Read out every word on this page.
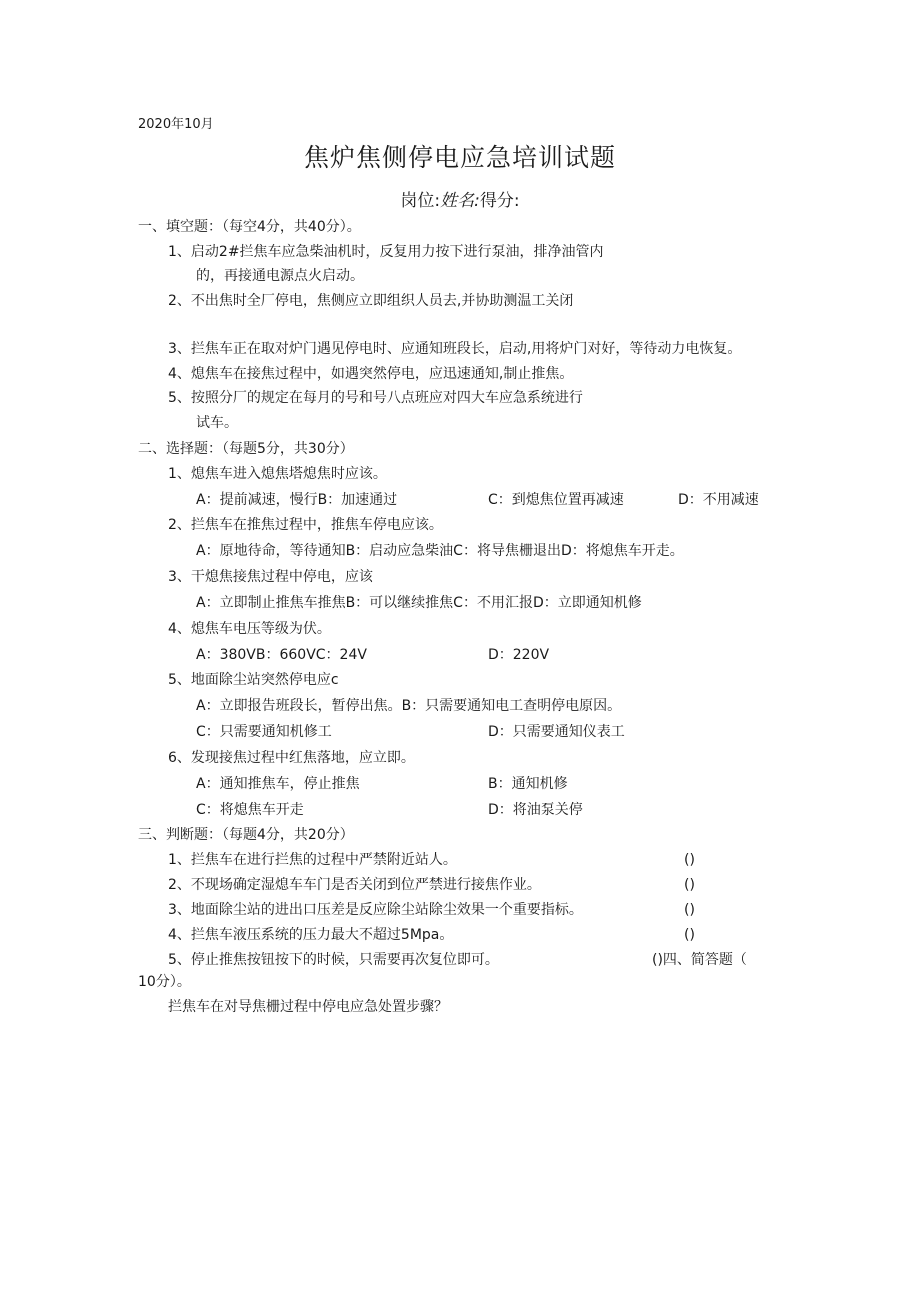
2020年10月
焦炉焦侧停电应急培训试题
岗位:姓名:得分:
一、填空题：（每空4分，共40分）。
1、启动2#拦焦车应急柴油机时，反复用力按下进行泵油，排净油管内
的，再接通电源点火启动。
2、不出焦时全厂停电，焦侧应立即组织人员去,并协助测温工关闭
3、拦焦车正在取对炉门遇见停电时、应通知班段长，启动,用将炉门对好，等待动力电恢复。
4、熄焦车在接焦过程中，如遇突然停电，应迅速通知,制止推焦。
5、按照分厂的规定在每月的号和号八点班应对四大车应急系统进行
试车。
二、选择题：（每题5分，共30分）
1、熄焦车进入熄焦塔熄焦时应该。
A：提前减速，慢行B：加速通过	C：到熄焦位置再减速	D：不用减速
2、拦焦车在推焦过程中，推焦车停电应该。
A：原地待命，等待通知B：启动应急柴油C：将导焦栅退出D：将熄焦车开走。
3、干熄焦接焦过程中停电，应该
A：立即制止推焦车推焦B：可以继续推焦C：不用汇报D：立即通知机修
4、熄焦车电压等级为伏。
A：380VB：660VC：24V	D：220V
5、地面除尘站突然停电应c
A：立即报告班段长，暂停出焦。B：只需要通知电工查明停电原因。
C：只需要通知机修工	D：只需要通知仪表工
6、发现接焦过程中红焦落地，应立即。
A：通知推焦车，停止推焦	B：通知机修
C：将熄焦车开走	D：将油泵关停
三、判断题：（每题4分，共20分）
1、拦焦车在进行拦焦的过程中严禁附近站人。	()
2、不现场确定湿熄车车门是否关闭到位严禁进行接焦作业。	()
3、地面除尘站的进出口压差是反应除尘站除尘效果一个重要指标。	()
4、拦焦车液压系统的压力最大不超过5Mpa。	()
5、停止推焦按钮按下的时候，只需要再次复位即可。	()四、简答题（
10分）。
拦焦车在对导焦栅过程中停电应急处置步骤？
